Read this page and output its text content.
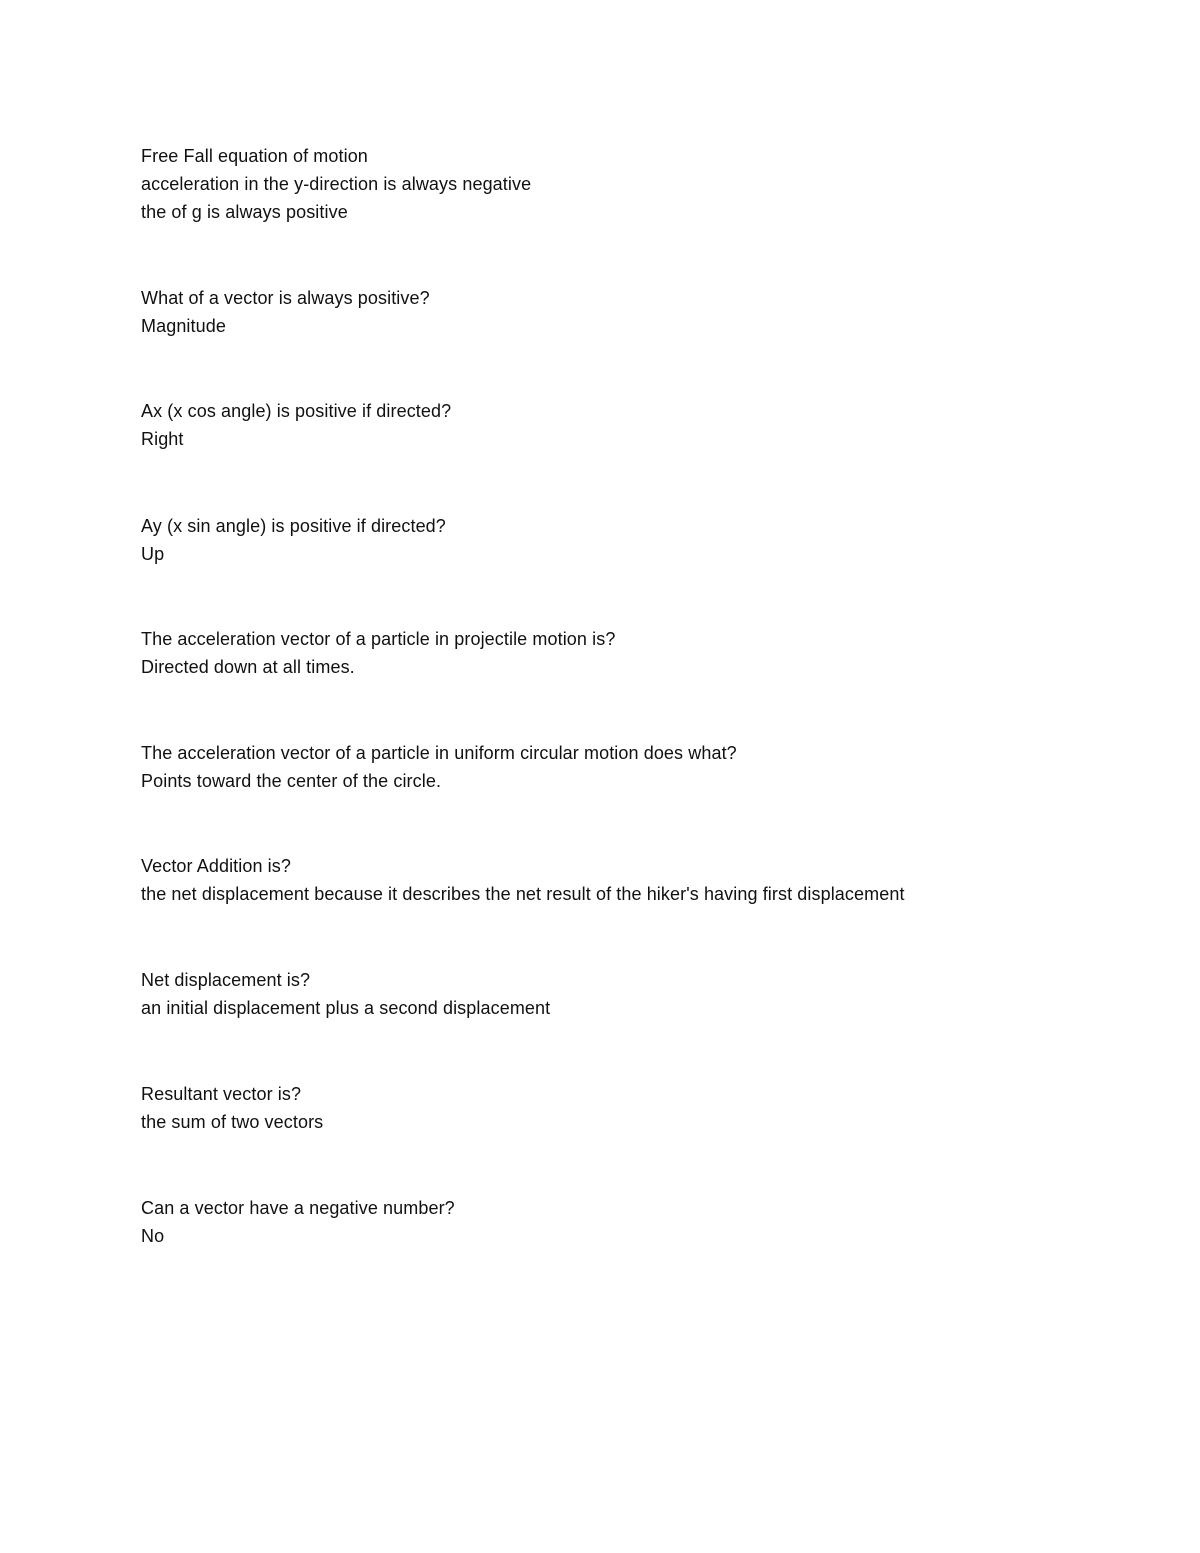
Free Fall equation of motion
acceleration in the y-direction is always negative
the of g is always positive
What of a vector is always positive?
Magnitude
Ax (x cos angle) is positive if directed?
Right
Ay (x sin angle) is positive if directed?
Up
The acceleration vector of a particle in projectile motion is?
Directed down at all times.
The acceleration vector of a particle in uniform circular motion does what?
Points toward the center of the circle.
Vector Addition is?
the net displacement because it describes the net result of the hiker's having first displacement
Net displacement is?
an initial displacement plus a second displacement
Resultant vector is?
the sum of two vectors
Can a vector have a negative number?
No
